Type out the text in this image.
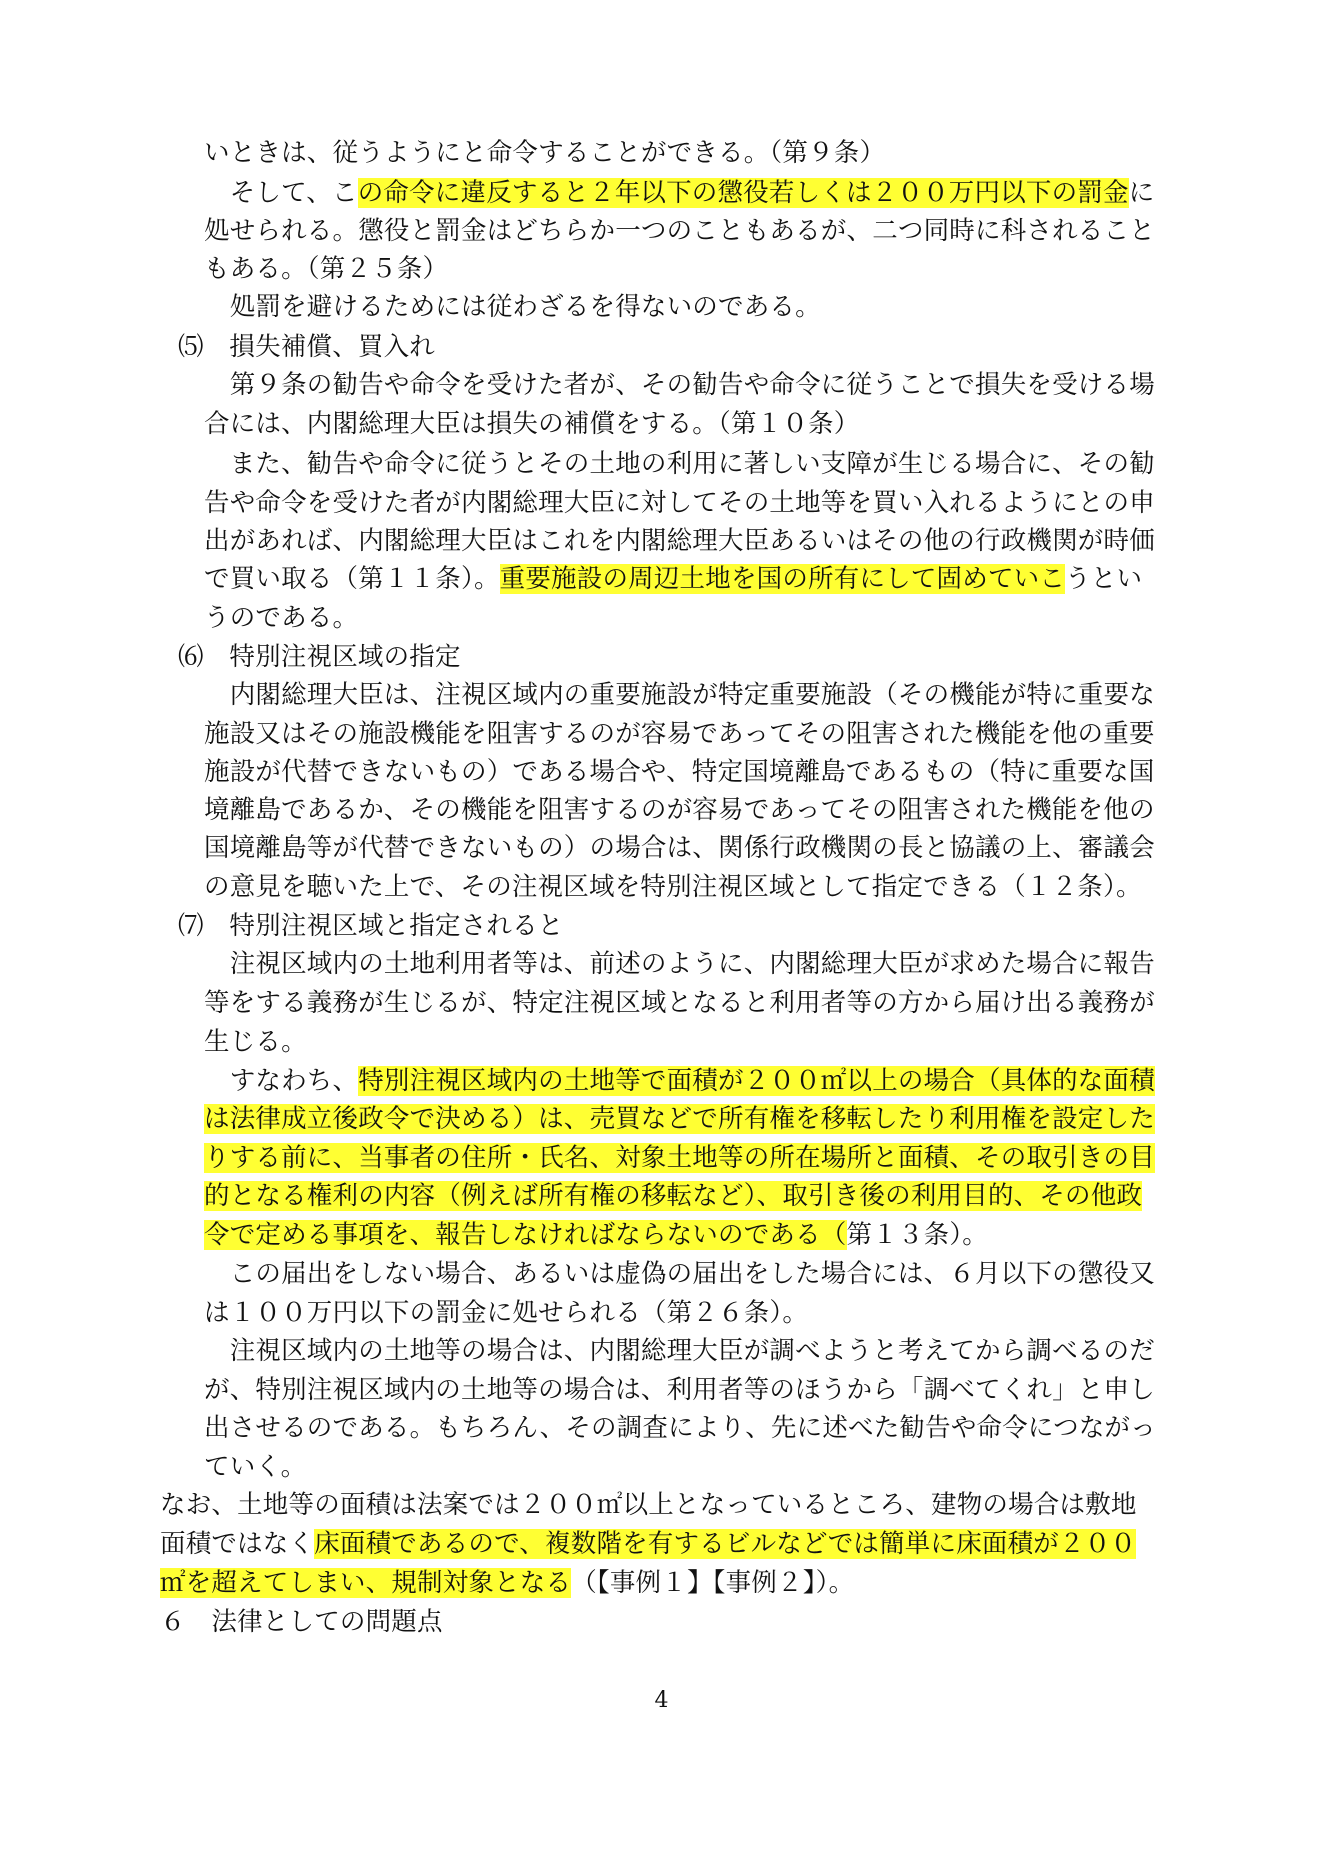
いときは、従うようにと命令することができる。（第９条）
　そして、この命令に違反すると２年以下の懲役若しくは２００万円以下の罰金に
処せられる。懲役と罰金はどちらか一つのこともあるが、二つ同時に科されること
もある。（第２５条）
　処罰を避けるためには従わざるを得ないのである。
⑸　損失補償、買入れ
　第９条の勧告や命令を受けた者が、その勧告や命令に従うことで損失を受ける場
合には、内閣総理大臣は損失の補償をする。（第１０条）
　また、勧告や命令に従うとその土地の利用に著しい支障が生じる場合に、その勧
告や命令を受けた者が内閣総理大臣に対してその土地等を買い入れるようにとの申
出があれば、内閣総理大臣はこれを内閣総理大臣あるいはその他の行政機関が時価
で買い取る（第１１条）。重要施設の周辺土地を国の所有にして固めていこうとい
うのである。
⑹　特別注視区域の指定
　内閣総理大臣は、注視区域内の重要施設が特定重要施設（その機能が特に重要な
施設又はその施設機能を阻害するのが容易であってその阻害された機能を他の重要
施設が代替できないもの）である場合や、特定国境離島であるもの（特に重要な国
境離島であるか、その機能を阻害するのが容易であってその阻害された機能を他の
国境離島等が代替できないもの）の場合は、関係行政機関の長と協議の上、審議会
の意見を聴いた上で、その注視区域を特別注視区域として指定できる（１２条）。
⑺　特別注視区域と指定されると
　注視区域内の土地利用者等は、前述のように、内閣総理大臣が求めた場合に報告
等をする義務が生じるが、特定注視区域となると利用者等の方から届け出る義務が
生じる。
　すなわち、特別注視区域内の土地等で面積が２００㎡以上の場合（具体的な面積
は法律成立後政令で決める）は、売買などで所有権を移転したり利用権を設定した
りする前に、当事者の住所・氏名、対象土地等の所在場所と面積、その取引きの目
的となる権利の内容（例えば所有権の移転など）、取引き後の利用目的、その他政
令で定める事項を、報告しなければならないのである（第１３条）。
　この届出をしない場合、あるいは虚偽の届出をした場合には、６月以下の懲役又
は１００万円以下の罰金に処せられる（第２６条）。
　注視区域内の土地等の場合は、内閣総理大臣が調べようと考えてから調べるのだ
が、特別注視区域内の土地等の場合は、利用者等のほうから「調べてくれ」と申し
出させるのである。もちろん、その調査により、先に述べた勧告や命令につながっ
ていく。
なお、土地等の面積は法案では２００㎡以上となっているところ、建物の場合は敷地
面積ではなく床面積であるので、複数階を有するビルなどでは簡単に床面積が２００
㎡を超えてしまい、規制対象となる（【事例１】【事例２】）。
６　法律としての問題点
4
